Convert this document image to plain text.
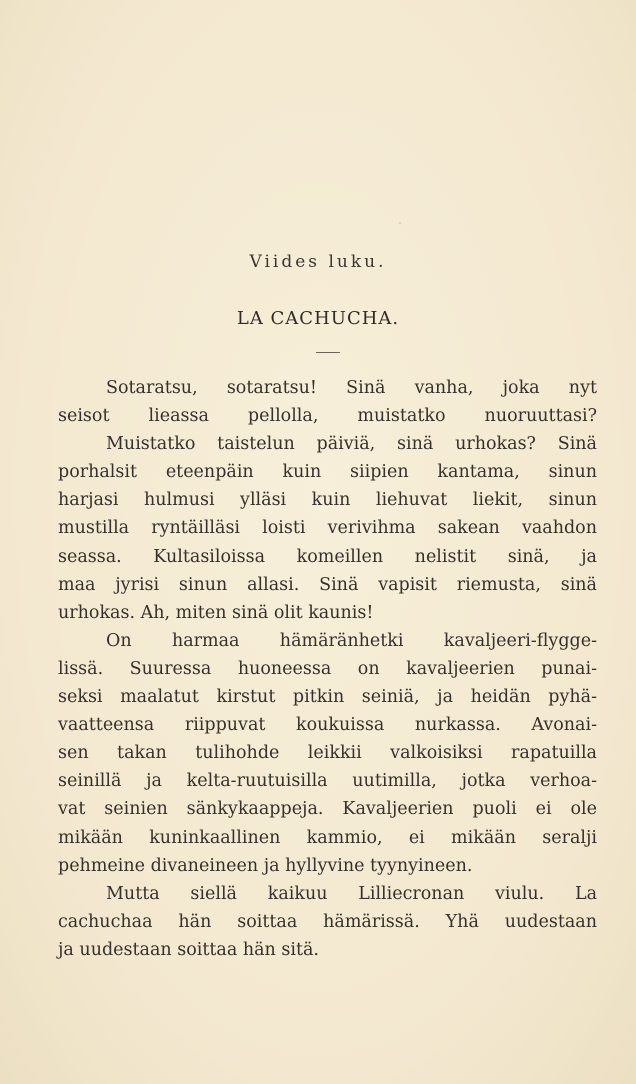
Viides luku.
LA CACHUCHA.
Sotaratsu, sotaratsu! Sinä vanha, joka nyt
seisot lieassa pellolla, muistatko nuoruuttasi?
Muistatko taistelun päiviä, sinä urhokas? Sinä
porhalsit eteenpäin kuin siipien kantama, sinun
harjasi hulmusi ylläsi kuin liehuvat liekit, sinun
mustilla ryntäilläsi loisti verivihma sakean vaahdon
seassa. Kultasiloissa komeillen nelistit sinä, ja
maa jyrisi sinun allasi. Sinä vapisit riemusta, sinä
urhokas. Ah, miten sinä olit kaunis!
On harmaa hämäränhetki kavaljeeri-flygge-
lissä. Suuressa huoneessa on kavaljeerien punai-
seksi maalatut kirstut pitkin seiniä, ja heidän pyhä-
vaatteensa riippuvat koukuissa nurkassa. Avonai-
sen takan tulihohde leikkii valkoisiksi rapatuilla
seinillä ja kelta-ruutuisilla uutimilla, jotka verhoa-
vat seinien sänkykaappeja. Kavaljeerien puoli ei ole
mikään kuninkaallinen kammio, ei mikään seralji
pehmeine divaneineen ja hyllyvine tyynyineen.
Mutta siellä kaikuu Lilliecronan viulu. La
cachuchaa hän soittaa hämärissä. Yhä uudestaan
ja uudestaan soittaa hän sitä.
